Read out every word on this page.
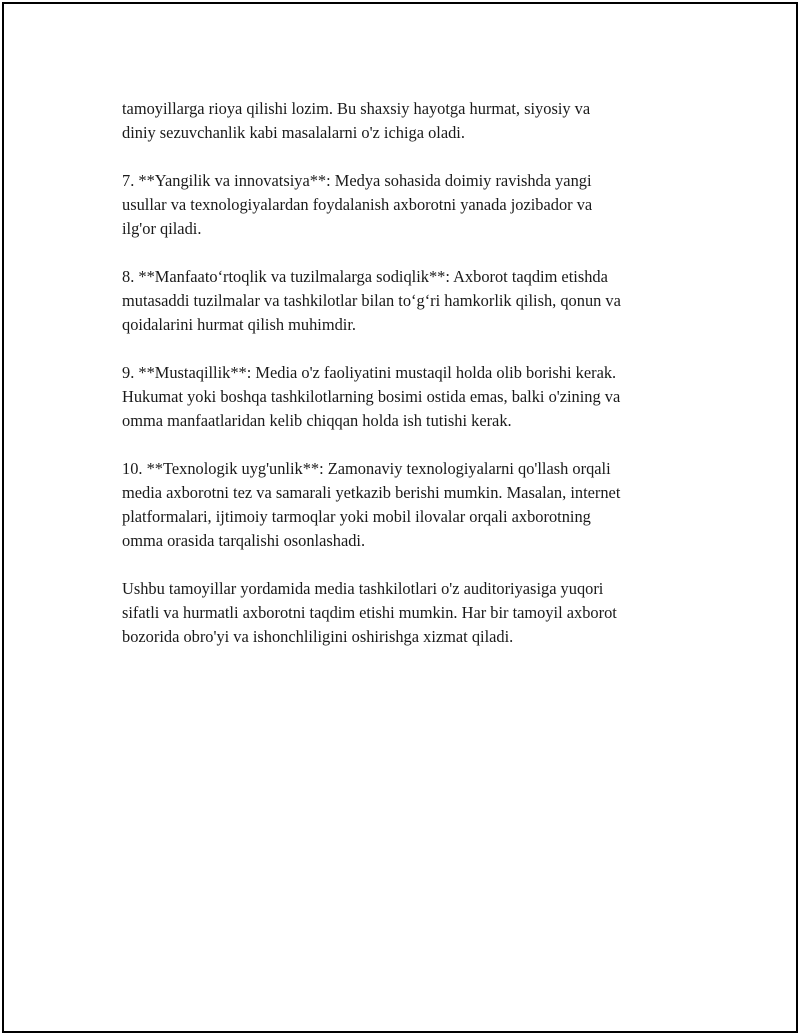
tamoyillarga rioya qilishi lozim. Bu shaxsiy hayotga hurmat, siyosiy va
diniy sezuvchanlik kabi masalalarni o'z ichiga oladi.

7. **Yangilik va innovatsiya**: Medya sohasida doimiy ravishda yangi
usullar va texnologiyalardan foydalanish axborotni yanada jozibador va
ilg'or qiladi.

8. **Manfaato‘rtoqlik va tuzilmalarga sodiqlik**: Axborot taqdim etishda
mutasaddi tuzilmalar va tashkilotlar bilan to‘g‘ri hamkorlik qilish, qonun va
qoidalarini hurmat qilish muhimdir.

9. **Mustaqillik**: Media o'z faoliyatini mustaqil holda olib borishi kerak.
Hukumat yoki boshqa tashkilotlarning bosimi ostida emas, balki o'zining va
omma manfaatlaridan kelib chiqqan holda ish tutishi kerak.

10. **Texnologik uyg'unlik**: Zamonaviy texnologiyalarni qo'llash orqali
media axborotni tez va samarali yetkazib berishi mumkin. Masalan, internet
platformalari, ijtimoiy tarmoqlar yoki mobil ilovalar orqali axborotning
omma orasida tarqalishi osonlashadi.

Ushbu tamoyillar yordamida media tashkilotlari o'z auditoriyasiga yuqori
sifatli va hurmatli axborotni taqdim etishi mumkin. Har bir tamoyil axborot
bozorida obro'yi va ishonchliligini oshirishga xizmat qiladi.
